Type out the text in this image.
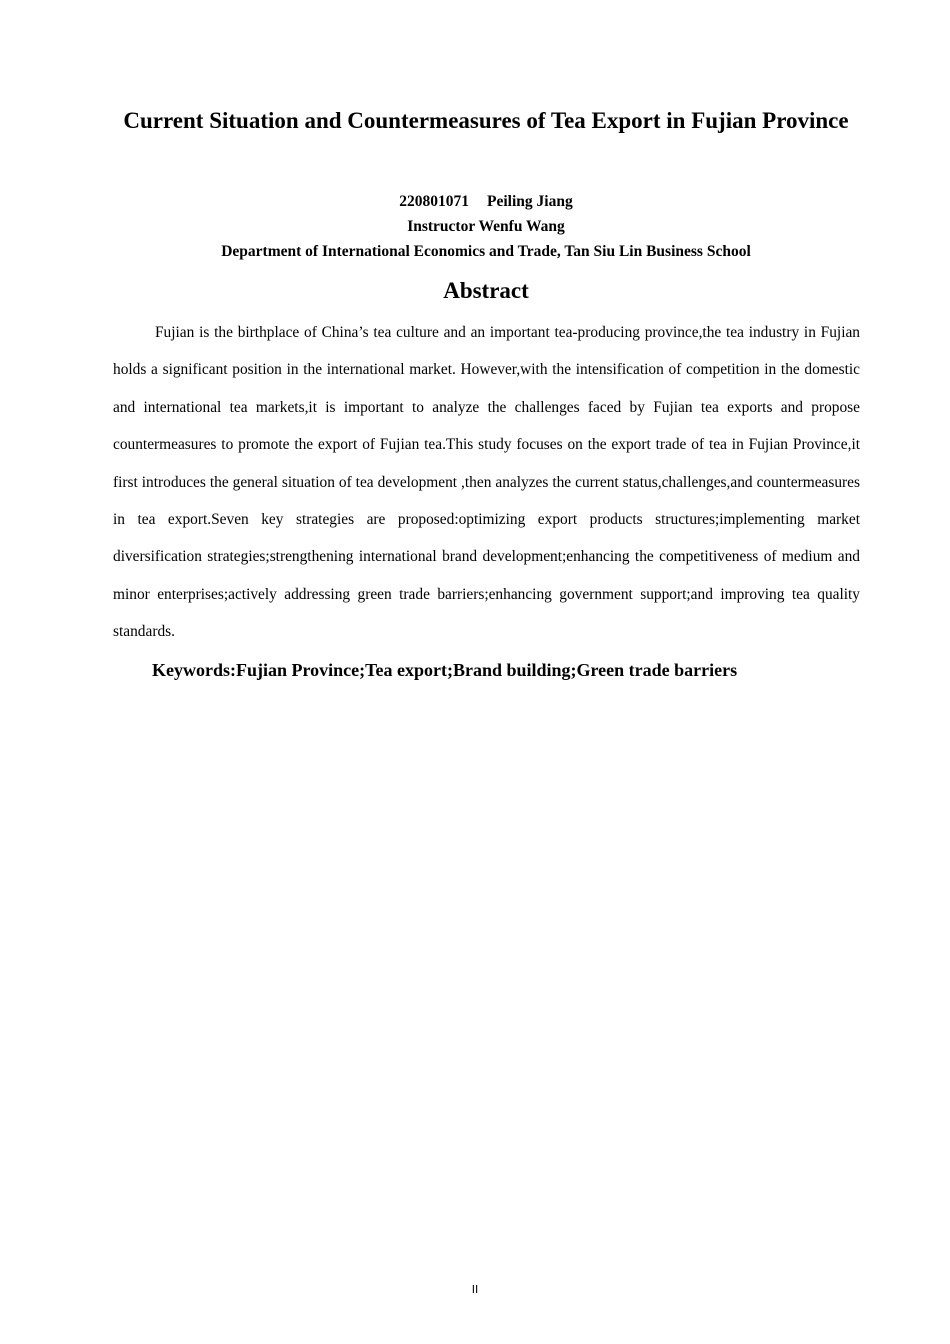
Current Situation and Countermeasures of Tea Export in Fujian Province
220801071 Peiling Jiang
Instructor Wenfu Wang
Department of International Economics and Trade, Tan Siu Lin Business School
Abstract

Fujian is the birthplace of China’s tea culture and an important tea-producing province,the tea industry in Fujian holds a significant position in the international market. However,with the intensification of competition in the domestic and international tea markets,it is important to analyze the challenges faced by Fujian tea exports and propose countermeasures to promote the export of Fujian tea.This study focuses on the export trade of tea in Fujian Province,it first introduces the general situation of tea development ,then analyzes the current status,challenges,and countermeasures in tea export.Seven key strategies are proposed:optimizing export products structures;implementing market diversification strategies;strengthening international brand development;enhancing the competitiveness of medium and minor enterprises;actively addressing green trade barriers;enhancing government support;and improving tea quality standards.

Keywords:Fujian Province;Tea export;Brand building;Green trade barriers
II
